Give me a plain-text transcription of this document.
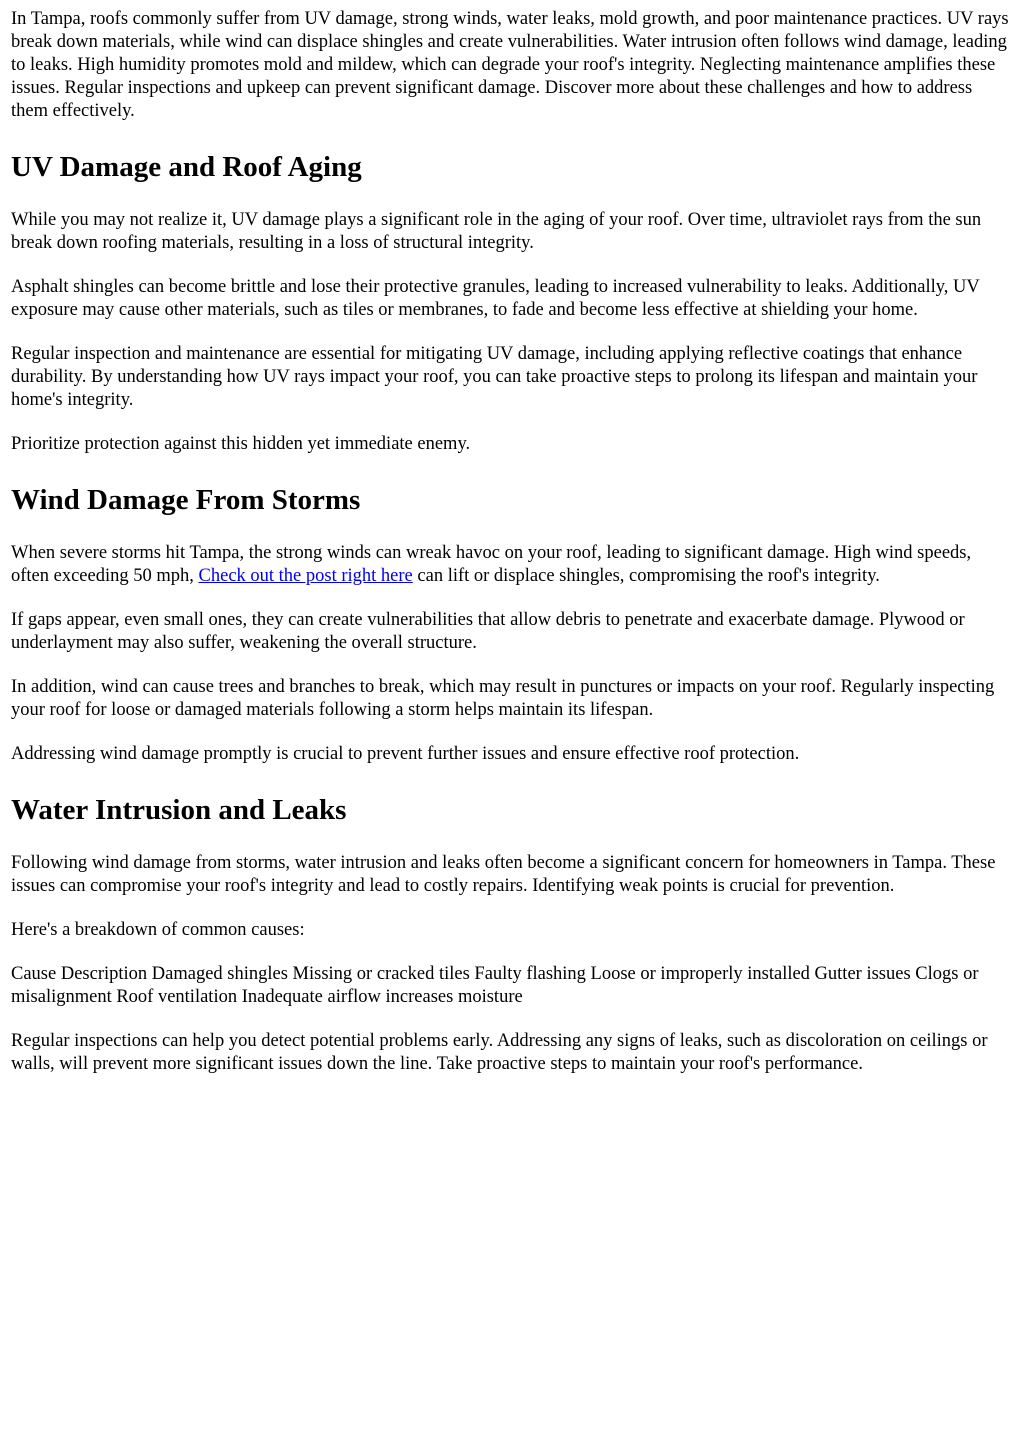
In Tampa, roofs commonly suffer from UV damage, strong winds, water leaks, mold growth, and poor maintenance practices. UV rays break down materials, while wind can displace shingles and create vulnerabilities. Water intrusion often follows wind damage, leading to leaks. High humidity promotes mold and mildew, which can degrade your roof's integrity. Neglecting maintenance amplifies these issues. Regular inspections and upkeep can prevent significant damage. Discover more about these challenges and how to address them effectively.

UV Damage and Roof Aging

While you may not realize it, UV damage plays a significant role in the aging of your roof. Over time, ultraviolet rays from the sun break down roofing materials, resulting in a loss of structural integrity.

Asphalt shingles can become brittle and lose their protective granules, leading to increased vulnerability to leaks. Additionally, UV exposure may cause other materials, such as tiles or membranes, to fade and become less effective at shielding your home.

Regular inspection and maintenance are essential for mitigating UV damage, including applying reflective coatings that enhance durability. By understanding how UV rays impact your roof, you can take proactive steps to prolong its lifespan and maintain your home's integrity.

Prioritize protection against this hidden yet immediate enemy.

Wind Damage From Storms

When severe storms hit Tampa, the strong winds can wreak havoc on your roof, leading to significant damage. High wind speeds, often exceeding 50 mph, Check out the post right here can lift or displace shingles, compromising the roof's integrity.

If gaps appear, even small ones, they can create vulnerabilities that allow debris to penetrate and exacerbate damage. Plywood or underlayment may also suffer, weakening the overall structure.

In addition, wind can cause trees and branches to break, which may result in punctures or impacts on your roof. Regularly inspecting your roof for loose or damaged materials following a storm helps maintain its lifespan.

Addressing wind damage promptly is crucial to prevent further issues and ensure effective roof protection.

Water Intrusion and Leaks

Following wind damage from storms, water intrusion and leaks often become a significant concern for homeowners in Tampa. These issues can compromise your roof's integrity and lead to costly repairs. Identifying weak points is crucial for prevention.

Here's a breakdown of common causes:

Cause Description Damaged shingles Missing or cracked tiles Faulty flashing Loose or improperly installed Gutter issues Clogs or misalignment Roof ventilation Inadequate airflow increases moisture

Regular inspections can help you detect potential problems early. Addressing any signs of leaks, such as discoloration on ceilings or walls, will prevent more significant issues down the line. Take proactive steps to maintain your roof's performance.
